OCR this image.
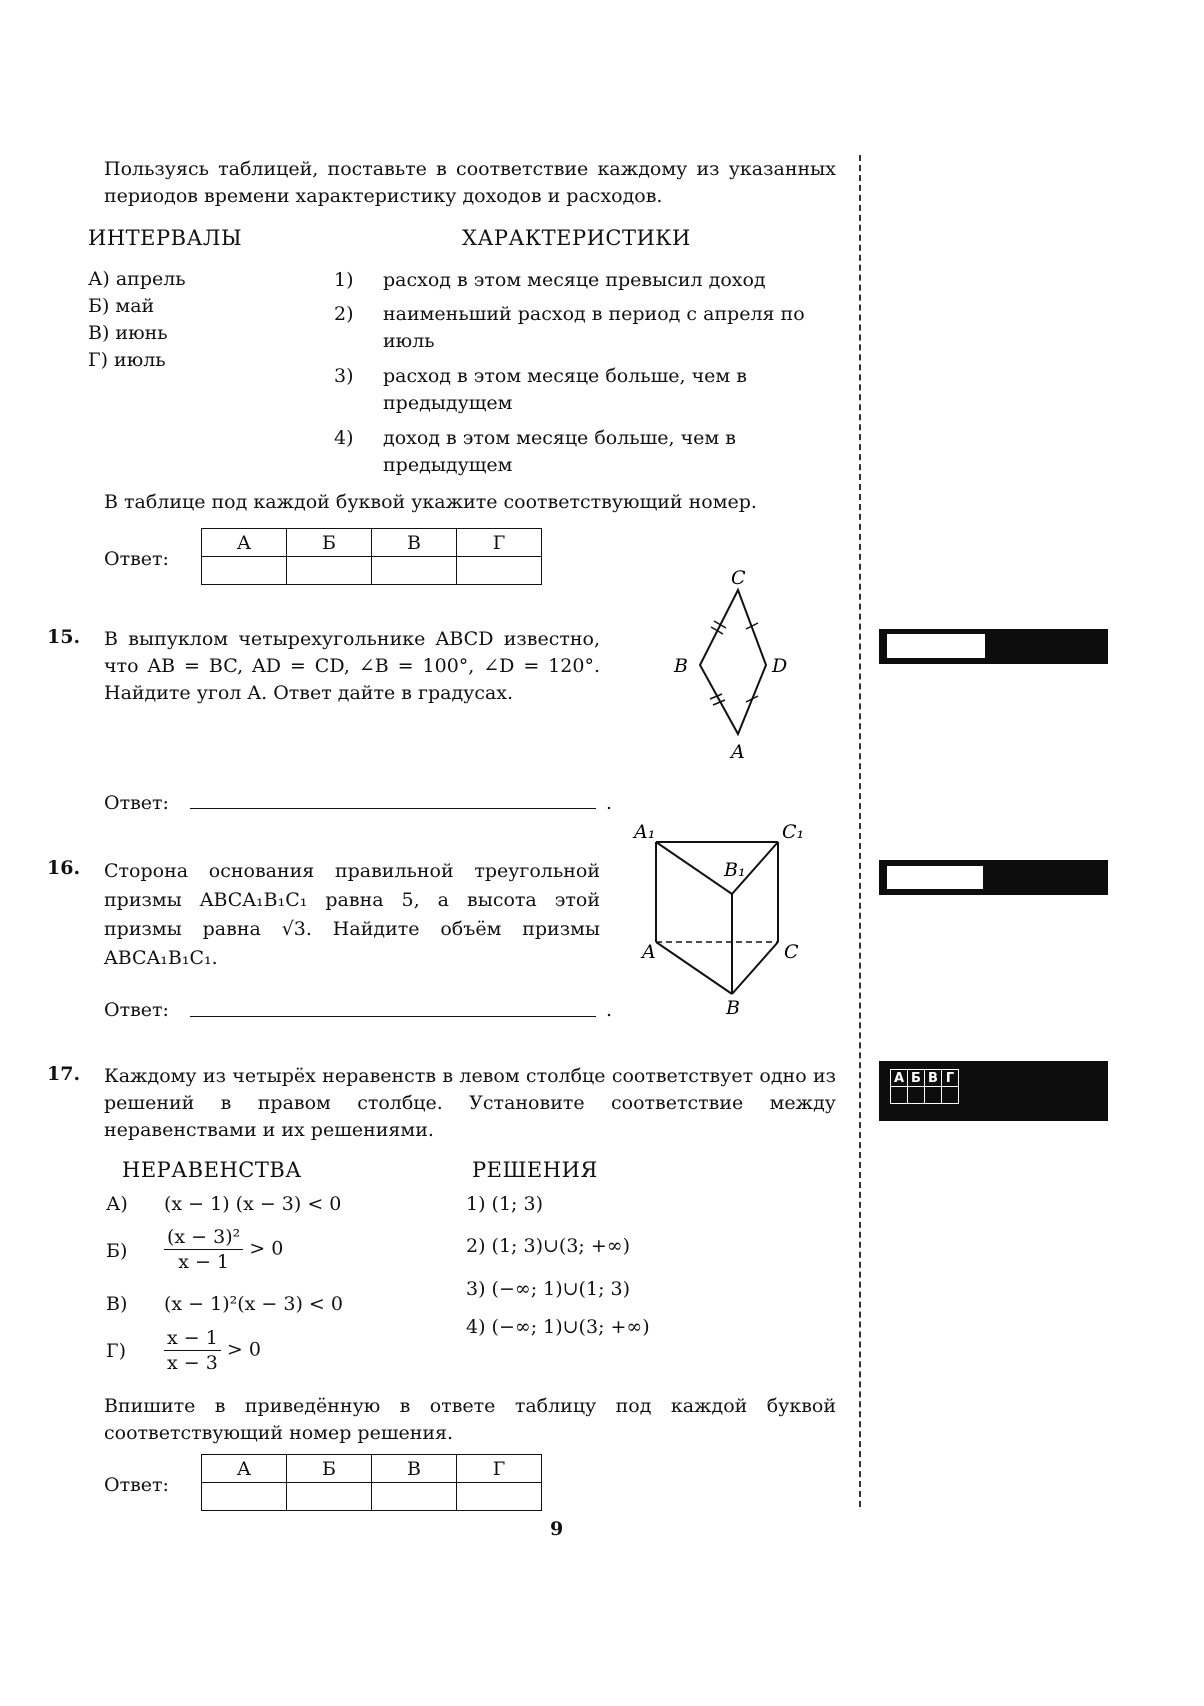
Пользуясь таблицей, поставьте в соответствие каждому из указанных периодов времени характеристику доходов и расходов.
ИНТЕРВАЛЫ	ХАРАКТЕРИСТИКИ
А) апрель
Б) май
В) июнь
Г) июль
1) расход в этом месяце превысил доход
2) наименьший расход в период с апреля по июль
3) расход в этом месяце больше, чем в предыдущем
4) доход в этом месяце больше, чем в предыдущем
В таблице под каждой буквой укажите соответствующий номер.
Ответ:
А	Б	В	Г

15. В выпуклом четырехугольнике ABCD известно, что AB = BC, AD = CD, ∠B = 100°, ∠D = 120°. Найдите угол A. Ответ дайте в градусах.
Ответ:	.
C
B	D
A
16. Сторона основания правильной треугольной призмы ABCA₁B₁C₁ равна 5, а высота этой призмы равна √3. Найдите объём призмы ABCA₁B₁C₁.
Ответ:	.
A₁	C₁
B₁
A	C
B
17. Каждому из четырёх неравенств в левом столбце соответствует одно из решений в правом столбце. Установите соответствие между неравенствами и их решениями.
НЕРАВЕНСТВА	РЕШЕНИЯ
А) (x − 1) (x − 3) < 0
$Б) \frac{\text{(x − 3)²}}{x - 1} > 0$
В) (x − 1)²(x − 3) < 0
$Г) \frac{x - 1}{x - 3} > 0$
1) (1; 3)
2) (1; 3)∪(3; +∞)
3) (−∞; 1)∪(1; 3)
4) (−∞; 1)∪(3; +∞)
Впишите в приведённую в ответе таблицу под каждой буквой соответствующий номер решения.
Ответ:
А	Б	В	Г

А	Б	В	Г

9
